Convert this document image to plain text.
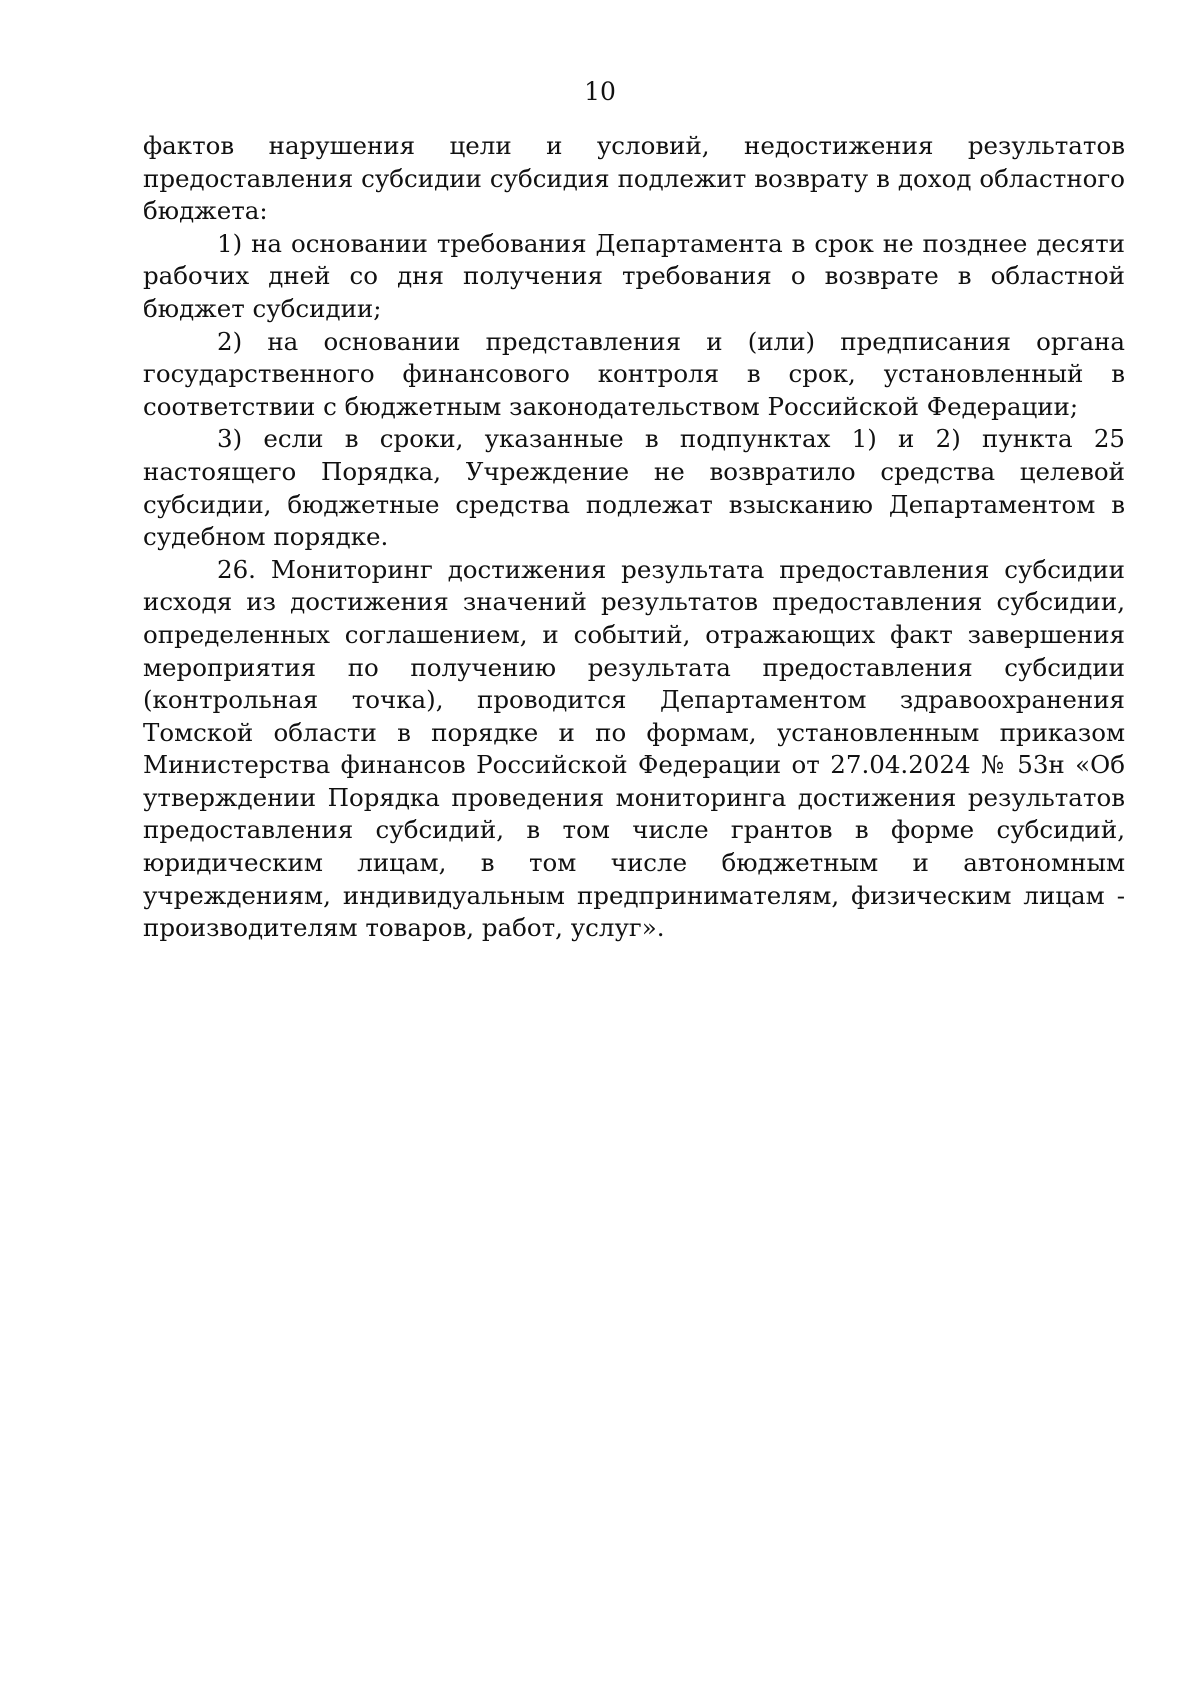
10

фактов нарушения цели и условий, недостижения результатов предоставления субсидии субсидия подлежит возврату в доход областного бюджета:

1) на основании требования Департамента в срок не позднее десяти рабочих дней со дня получения требования о возврате в областной бюджет субсидии;

2) на основании представления и (или) предписания органа государственного финансового контроля в срок, установленный в соответствии с бюджетным законодательством Российской Федерации;

3) если в сроки, указанные в подпунктах 1) и 2) пункта 25 настоящего Порядка, Учреждение не возвратило средства целевой субсидии, бюджетные средства подлежат взысканию Департаментом в судебном порядке.

26. Мониторинг достижения результата предоставления субсидии исходя из достижения значений результатов предоставления субсидии, определенных соглашением, и событий, отражающих факт завершения мероприятия по получению результата предоставления субсидии (контрольная точка), проводится Департаментом здравоохранения Томской области в порядке и по формам, установленным приказом Министерства финансов Российской Федерации от 27.04.2024 № 53н «Об утверждении Порядка проведения мониторинга достижения результатов предоставления субсидий, в том числе грантов в форме субсидий, юридическим лицам, в том числе бюджетным и автономным учреждениям, индивидуальным предпринимателям, физическим лицам - производителям товаров, работ, услуг».
